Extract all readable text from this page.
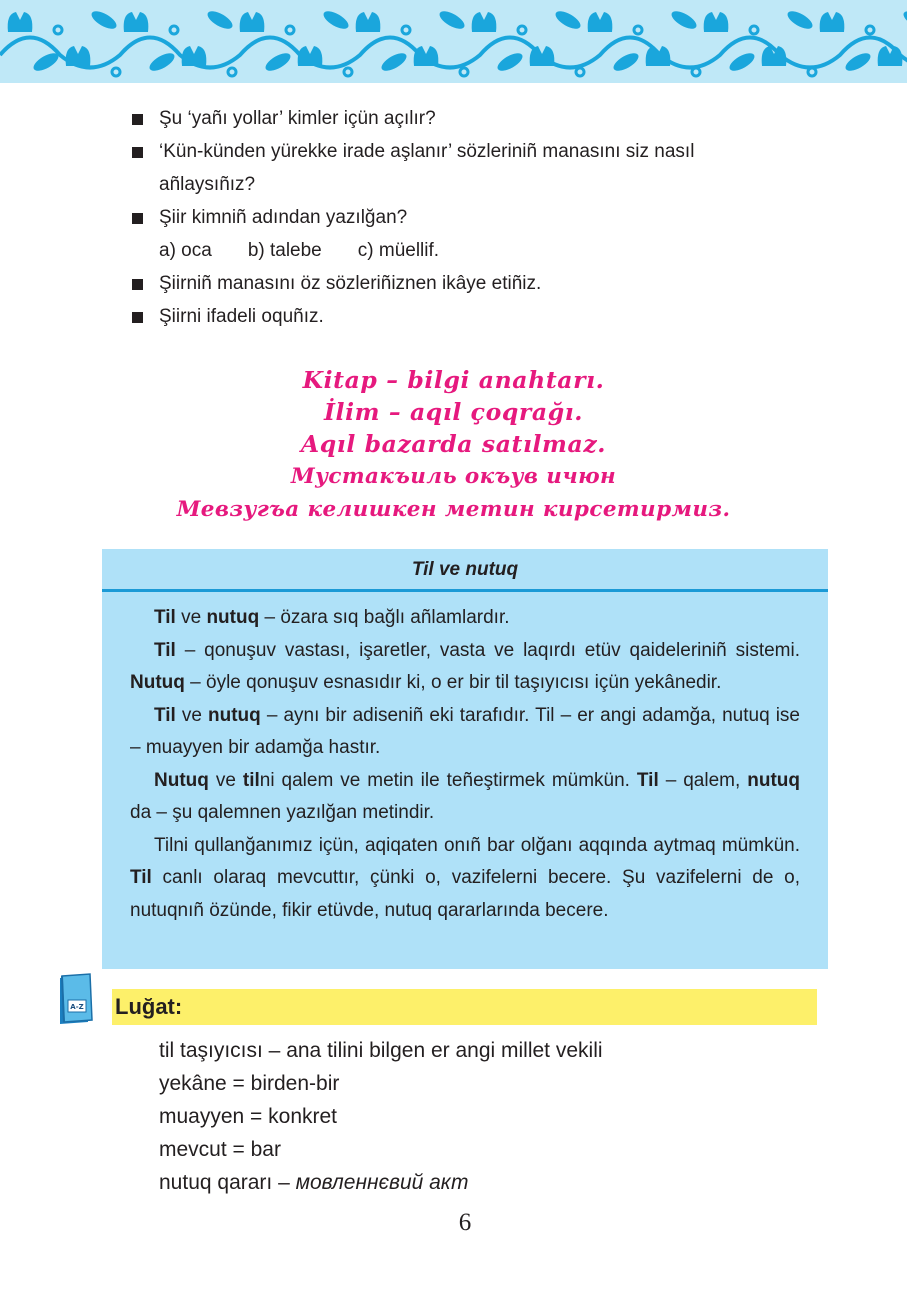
Şu ‘yañı yollar’ kimler içün açılır?
‘Kün-künden yürekke irade aşlanır’ sözleriniñ manasını siz nasıl
añlaysıñız?
Şiir kimniñ adından yazılğan?
a) oca b) talebe c) müellif.
Şiirniñ manasını öz sözleriñiznen ikâye etiñiz.
Şiirni ifadeli oquñız.
Kitap – bilgi anahtarı.
İlim – aqıl çoqrağı.
Aqıl bazarda satılmaz.
Мустакъиль окъув ичюн
Мевзугъа келишкен метин кирсетирмиз.
Til ve nutuq

Til ve nutuq – özara sıq bağlı añlamlardır.

Til – qonuşuv vastası, işaretler, vasta ve laqırdı etüv qaideleriniñ sistemi. Nutuq – öyle qonuşuv esnasıdır ki, o er bir til taşıyıcısı içün yekânedir.

Til ve nutuq – aynı bir adiseniñ eki tarafıdır. Til – er angi adamğa, nutuq ise – muayyen bir adamğa hastır.

Nutuq ve tilni qalem ve metin ile teñeştirmek mümkün. Til – qalem, nutuq da – şu qalemnen yazılğan metindir.

Tilni qullanğanımız içün, aqiqaten onıñ bar olğanı aqqında aytmaq mümkün. Til canlı olaraq mevcuttır, çünki o, vazifelerni becere. Şu vazifelerni de o, nutuqnıñ özünde, fikir etüvde, nutuq qararlarında becere.

A-Z Luğat:
til taşıyıcısı – ana tilini bilgen er angi millet vekili
yekâne = birden-bir
muayyen = konkret
mevcut = bar
nutuq qararı – мовленнєвий акт
6
